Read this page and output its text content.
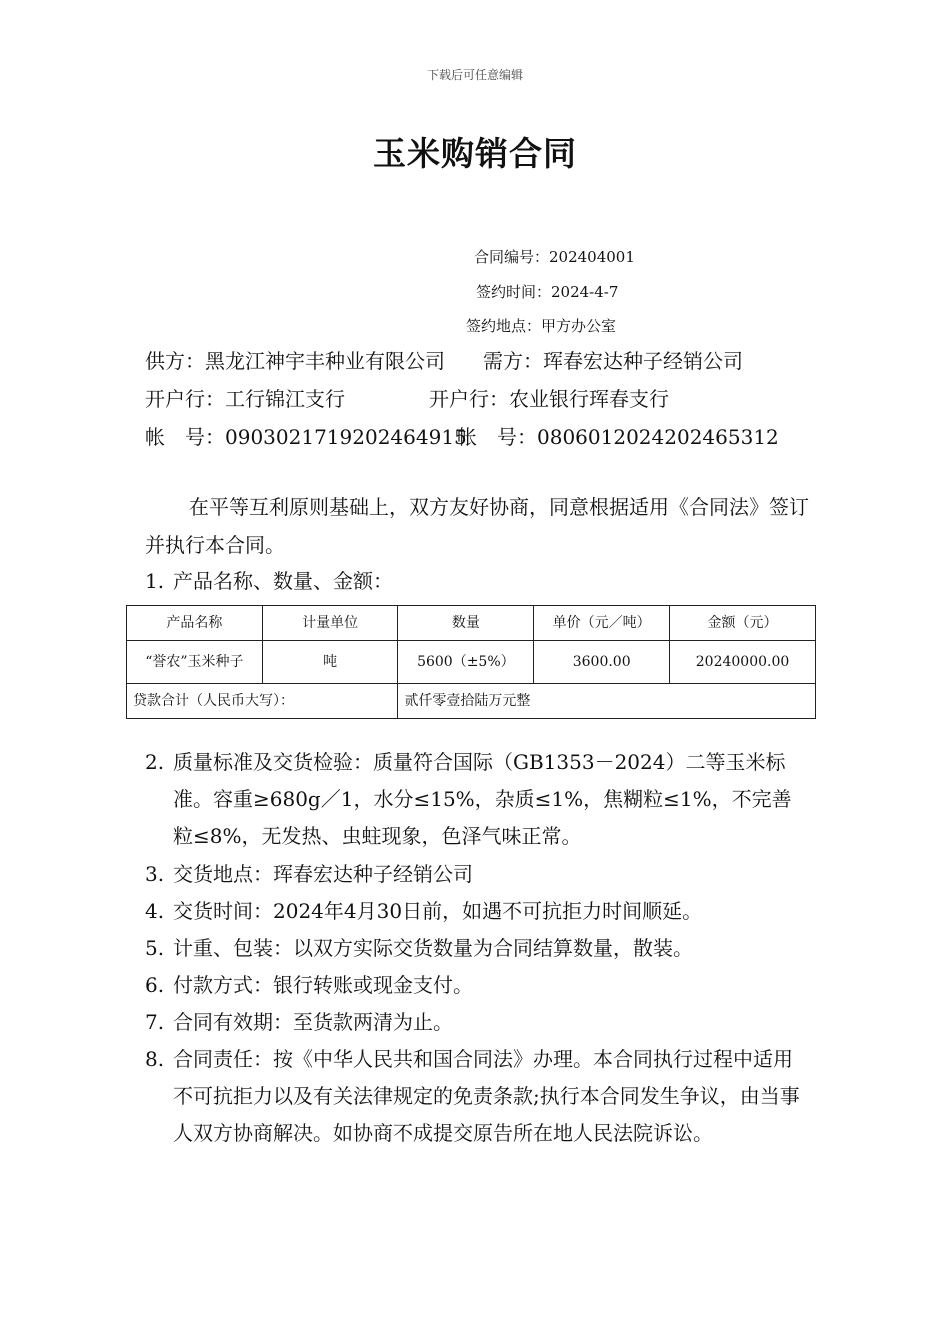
下载后可任意编辑
玉米购销合同
合同编号：202404001
签约时间：2024-4-7
签约地点：甲方办公室
供方：黑龙江神宇丰种业有限公司 需方：珲春宏达种子经销公司
开户行：工行锦江支行	开户行：农业银行珲春支行
帐　号：0903021719202464915
帐　号：0806012024202465312
在平等互利原则基础上，双方友好协商，同意根据适用《合同法》签订并执行本合同。
1. 产品名称、数量、金额：
产品名称	计量单位	数量	单价（元／吨）	金额（元）
“誉农”玉米种子	吨	5600（±5%）	3600.00	20240000.00
贷款合计（人民币大写）：		贰仟零壹拾陆万元整		
2. 质量标准及交货检验：质量符合国际（GB1353－2024）二等玉米标准。容重≥680g／1，水分≤15%，杂质≤1%，焦糊粒≤1%，不完善粒≤8%，无发热、虫蛀现象，色泽气味正常。
3. 交货地点：珲春宏达种子经销公司
4. 交货时间：2024年4月30日前，如遇不可抗拒力时间顺延。
5. 计重、包装：以双方实际交货数量为合同结算数量，散装。
6. 付款方式：银行转账或现金支付。
7. 合同有效期：至货款两清为止。
8. 合同责任：按《中华人民共和国合同法》办理。本合同执行过程中适用不可抗拒力以及有关法律规定的免责条款;执行本合同发生争议，由当事人双方协商解决。如协商不成提交原告所在地人民法院诉讼。
